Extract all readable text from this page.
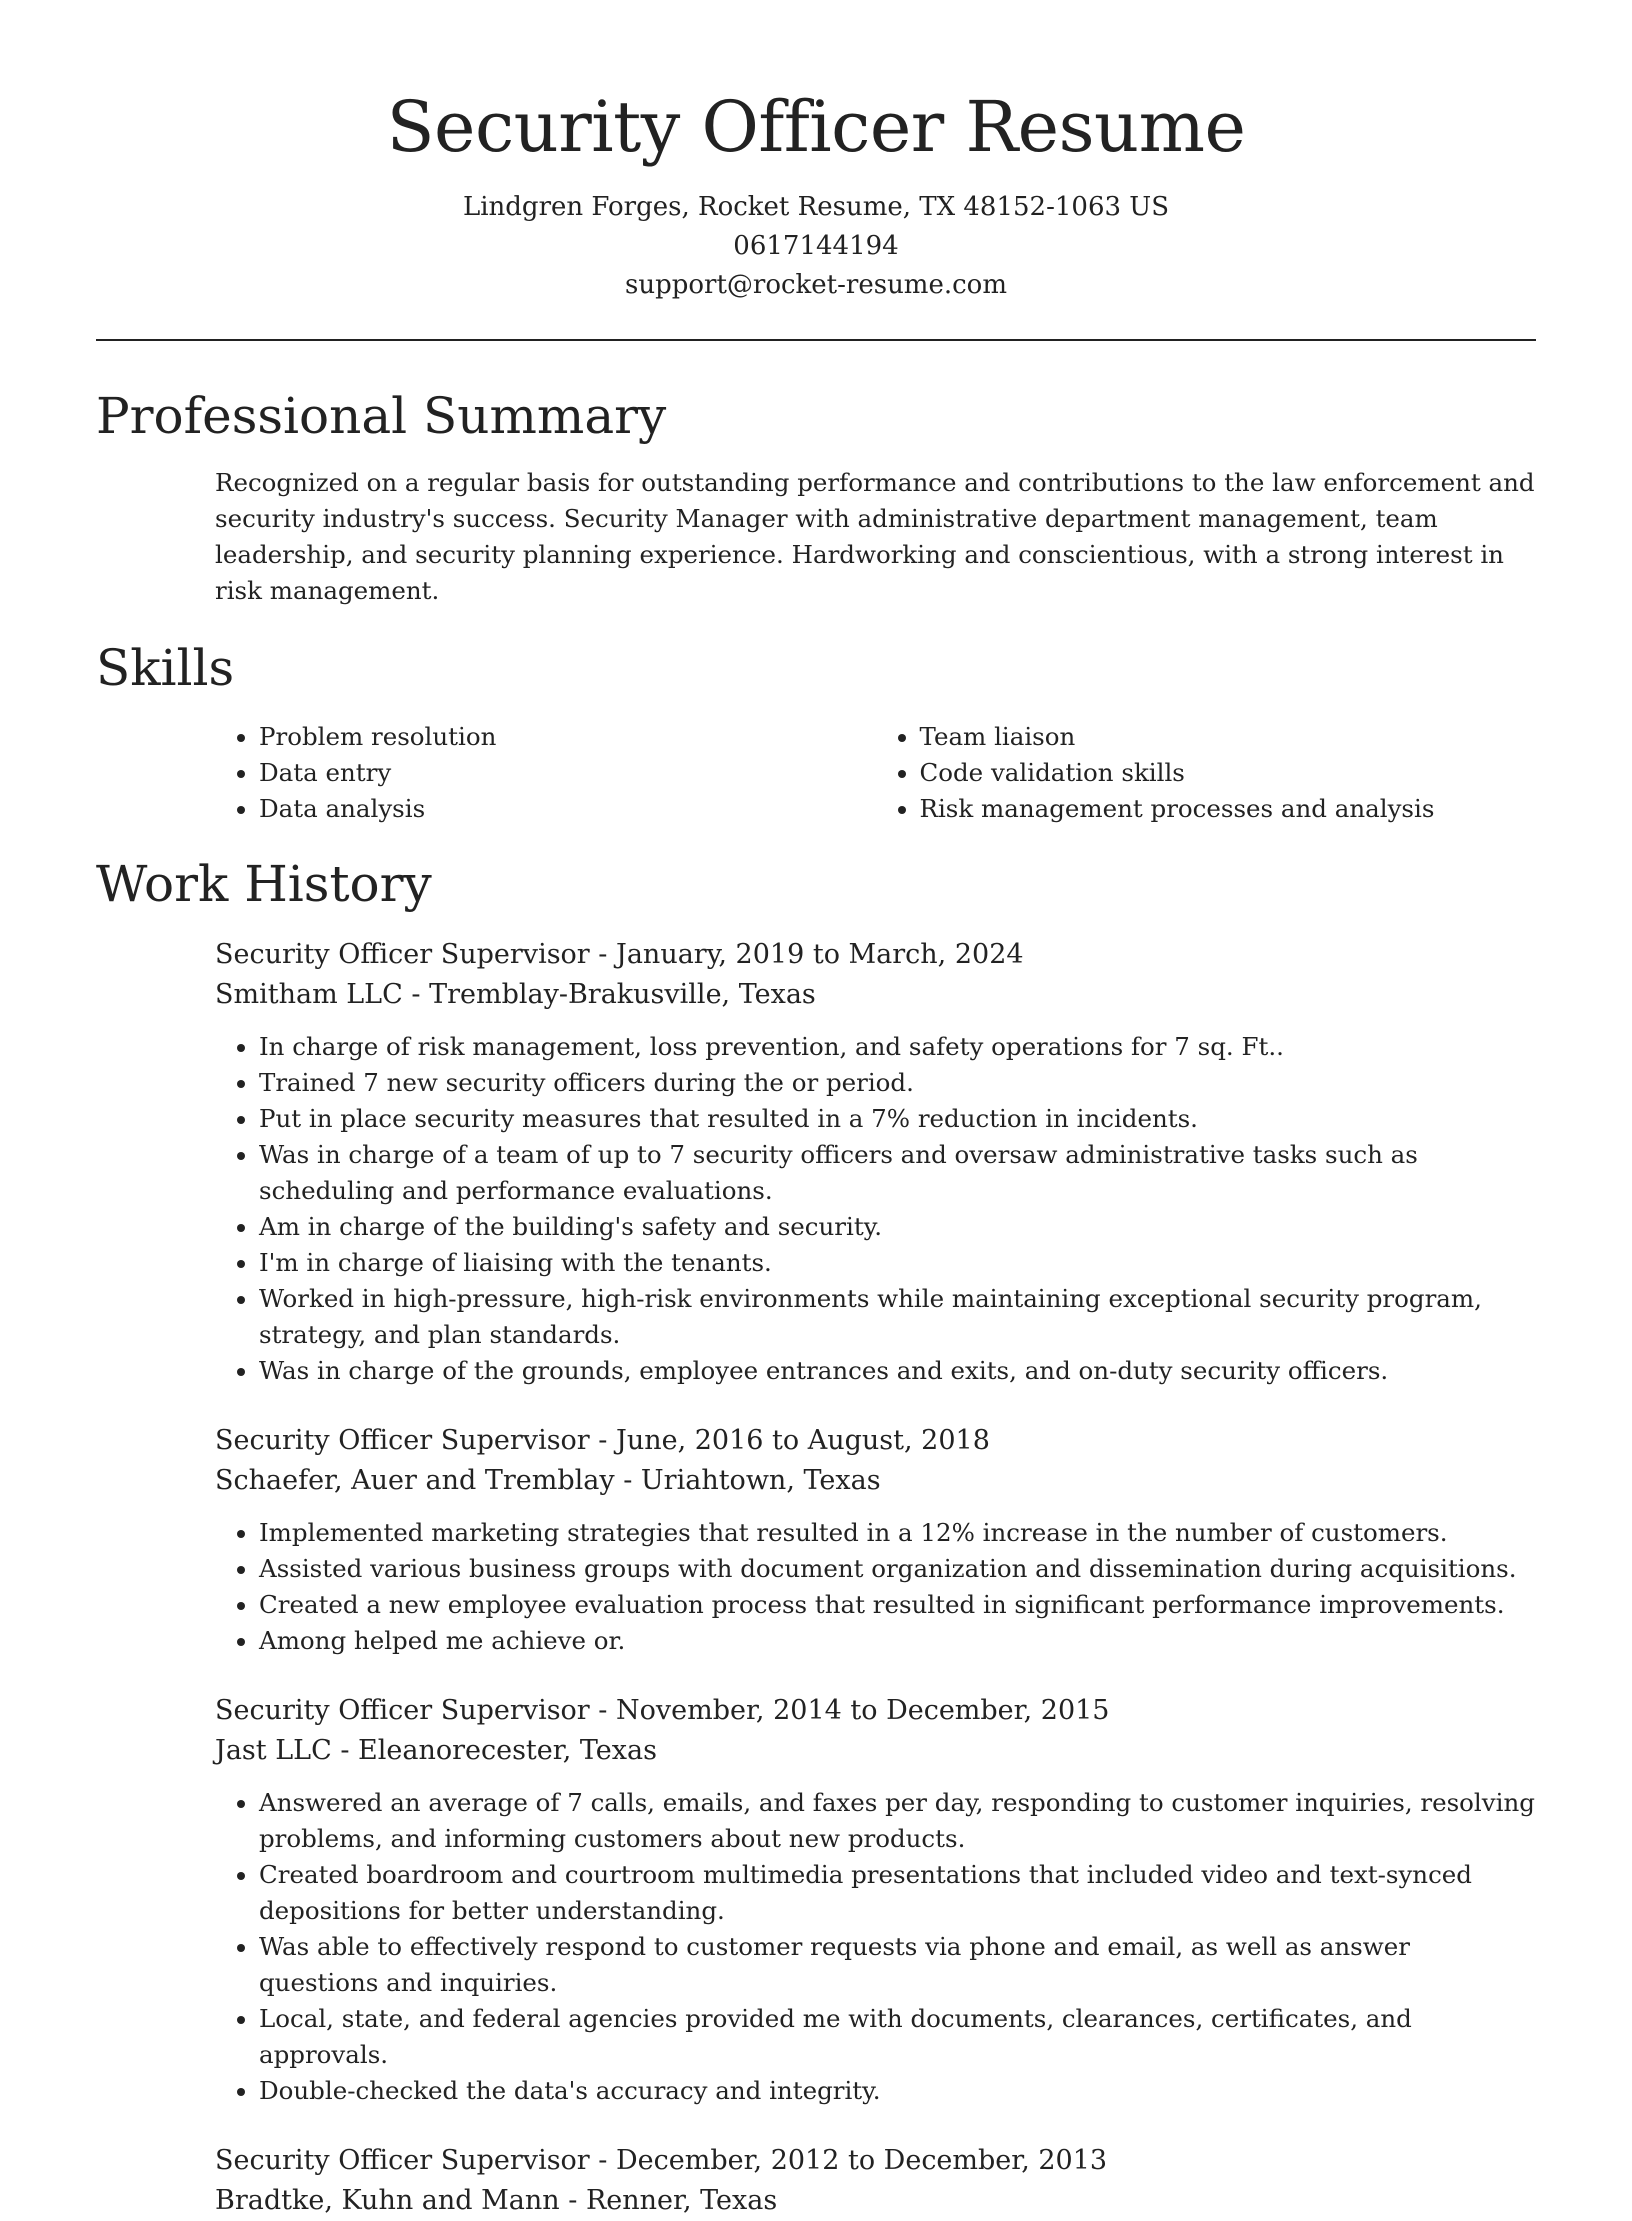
Security Officer Resume
Lindgren Forges, Rocket Resume, TX 48152-1063 US
0617144194
support@rocket-resume.com
Professional Summary
Recognized on a regular basis for outstanding performance and contributions to the law enforcement and security industry's success. Security Manager with administrative department management, team leadership, and security planning experience. Hardworking and conscientious, with a strong interest in risk management.
Skills
• Problem resolution
• Data entry
• Data analysis
• Team liaison
• Code validation skills
• Risk management processes and analysis
Work History
Security Officer Supervisor - January, 2019 to March, 2024
Smitham LLC - Tremblay-Brakusville, Texas
• In charge of risk management, loss prevention, and safety operations for 7 sq. Ft..
• Trained 7 new security officers during the or period.
• Put in place security measures that resulted in a 7% reduction in incidents.
• Was in charge of a team of up to 7 security officers and oversaw administrative tasks such as scheduling and performance evaluations.
• Am in charge of the building's safety and security.
• I'm in charge of liaising with the tenants.
• Worked in high-pressure, high-risk environments while maintaining exceptional security program, strategy, and plan standards.
• Was in charge of the grounds, employee entrances and exits, and on-duty security officers.
Security Officer Supervisor - June, 2016 to August, 2018
Schaefer, Auer and Tremblay - Uriahtown, Texas
• Implemented marketing strategies that resulted in a 12% increase in the number of customers.
• Assisted various business groups with document organization and dissemination during acquisitions.
• Created a new employee evaluation process that resulted in significant performance improvements.
• Among helped me achieve or.
Security Officer Supervisor - November, 2014 to December, 2015
Jast LLC - Eleanorecester, Texas
• Answered an average of 7 calls, emails, and faxes per day, responding to customer inquiries, resolving problems, and informing customers about new products.
• Created boardroom and courtroom multimedia presentations that included video and text-synced depositions for better understanding.
• Was able to effectively respond to customer requests via phone and email, as well as answer questions and inquiries.
• Local, state, and federal agencies provided me with documents, clearances, certificates, and approvals.
• Double-checked the data's accuracy and integrity.
Security Officer Supervisor - December, 2012 to December, 2013
Bradtke, Kuhn and Mann - Renner, Texas
